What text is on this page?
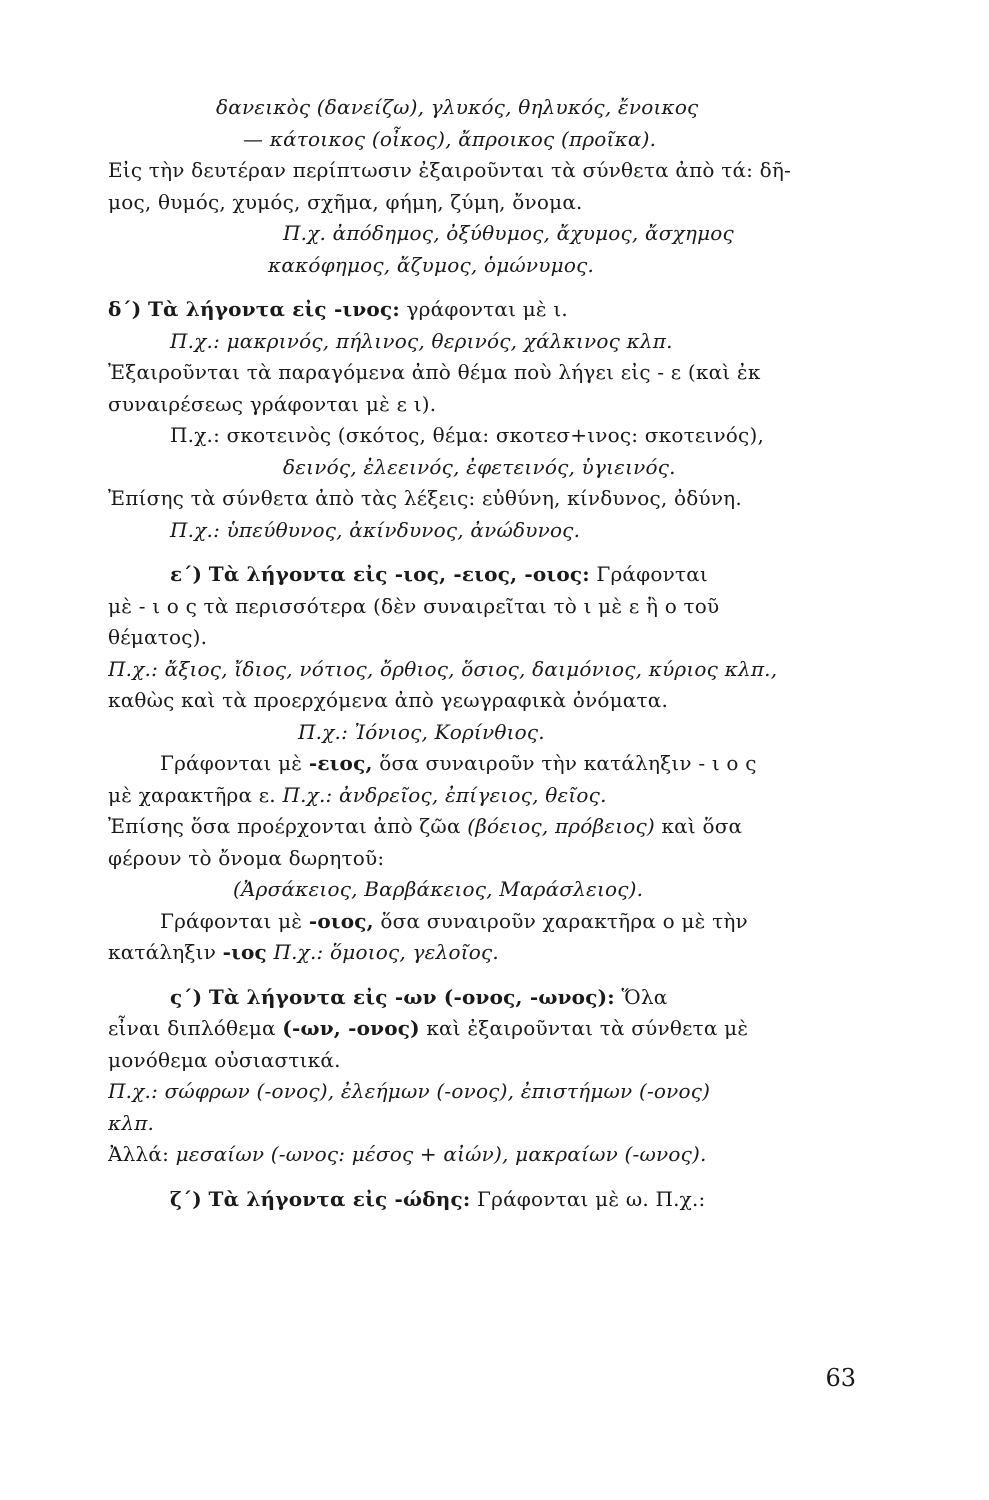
δανεικὸς (δανείζω), γλυκός, θηλυκός, ἔνοικος
— κάτοικος (οἶκος), ἄπροικος (προῖκα).
Εἰς τὴν δευτέραν περίπτωσιν ἐξαιροῦνται τὰ σύνθετα ἀπὸ τά: δῆ-
μος, θυμός, χυμός, σχῆμα, φήμη, ζύμη, ὄνομα.
Π.χ. ἀπόδημος, ὀξύθυμος, ἄχυμος, ἄσχημος
κακόφημος, ἄζυμος, ὁμώνυμος.
δ΄) Τὰ λήγοντα εἰς -ινος: γράφονται μὲ ι.
Π.χ.: μακρινός, πήλινος, θερινός, χάλκινος κλπ.
Ἐξαιροῦνται τὰ παραγόμενα ἀπὸ θέμα ποὺ λήγει εἰς - ε (καὶ ἐκ
συναιρέσεως γράφονται μὲ ε ι).
Π.χ.: σκοτεινὸς (σκότος, θέμα: σκοτεσ+ινος: σκοτεινός),
δεινός, ἐλεεινός, ἐφετεινός, ὑγιεινός.
Ἐπίσης τὰ σύνθετα ἀπὸ τὰς λέξεις: εὐθύνη, κίνδυνος, ὀδύνη.
Π.χ.: ὑπεύθυνος, ἀκίνδυνος, ἀνώδυνος.
ε΄) Τὰ λήγοντα εἰς -ιος, -ειος, -οιος: Γράφονται
μὲ - ι ο ς τὰ περισσότερα (δὲν συναιρεῖται τὸ ι μὲ ε ἢ ο τοῦ
θέματος).
Π.χ.: ἄξιος, ἴδιος, νότιος, ὄρθιος, ὅσιος, δαιμόνιος, κύριος κλπ.,
καθὼς καὶ τὰ προερχόμενα ἀπὸ γεωγραφικὰ ὀνόματα.
Π.χ.: Ἰόνιος, Κορίνθιος.
Γράφονται μὲ -ειος, ὅσα συναιροῦν τὴν κατάληξιν - ι ο ς
μὲ χαρακτῆρα ε. Π.χ.: ἀνδρεῖος, ἐπίγειος, θεῖος.
Ἐπίσης ὅσα προέρχονται ἀπὸ ζῶα (βόειος, πρόβειος) καὶ ὅσα
φέρουν τὸ ὄνομα δωρητοῦ:
(Ἀρσάκειος, Βαρβάκειος, Μαράσλειος).
Γράφονται μὲ -οιος, ὅσα συναιροῦν χαρακτῆρα ο μὲ τὴν
κατάληξιν -ιος Π.χ.: ὅμοιος, γελοῖος.
ς΄) Τὰ λήγοντα εἰς -ων (-ονος, -ωνος): Ὅλα
εἶναι διπλόθεμα (-ων, -ονος) καὶ ἐξαιροῦνται τὰ σύνθετα μὲ
μονόθεμα οὐσιαστικά.
Π.χ.: σώφρων (-ονος), ἐλεήμων (-ονος), ἐπιστήμων (-ονος)
κλπ.
Ἀλλά: μεσαίων (-ωνος: μέσος + αἰών), μακραίων (-ωνος).
ζ΄) Τὰ λήγοντα εἰς -ώδης: Γράφονται μὲ ω. Π.χ.:
63
